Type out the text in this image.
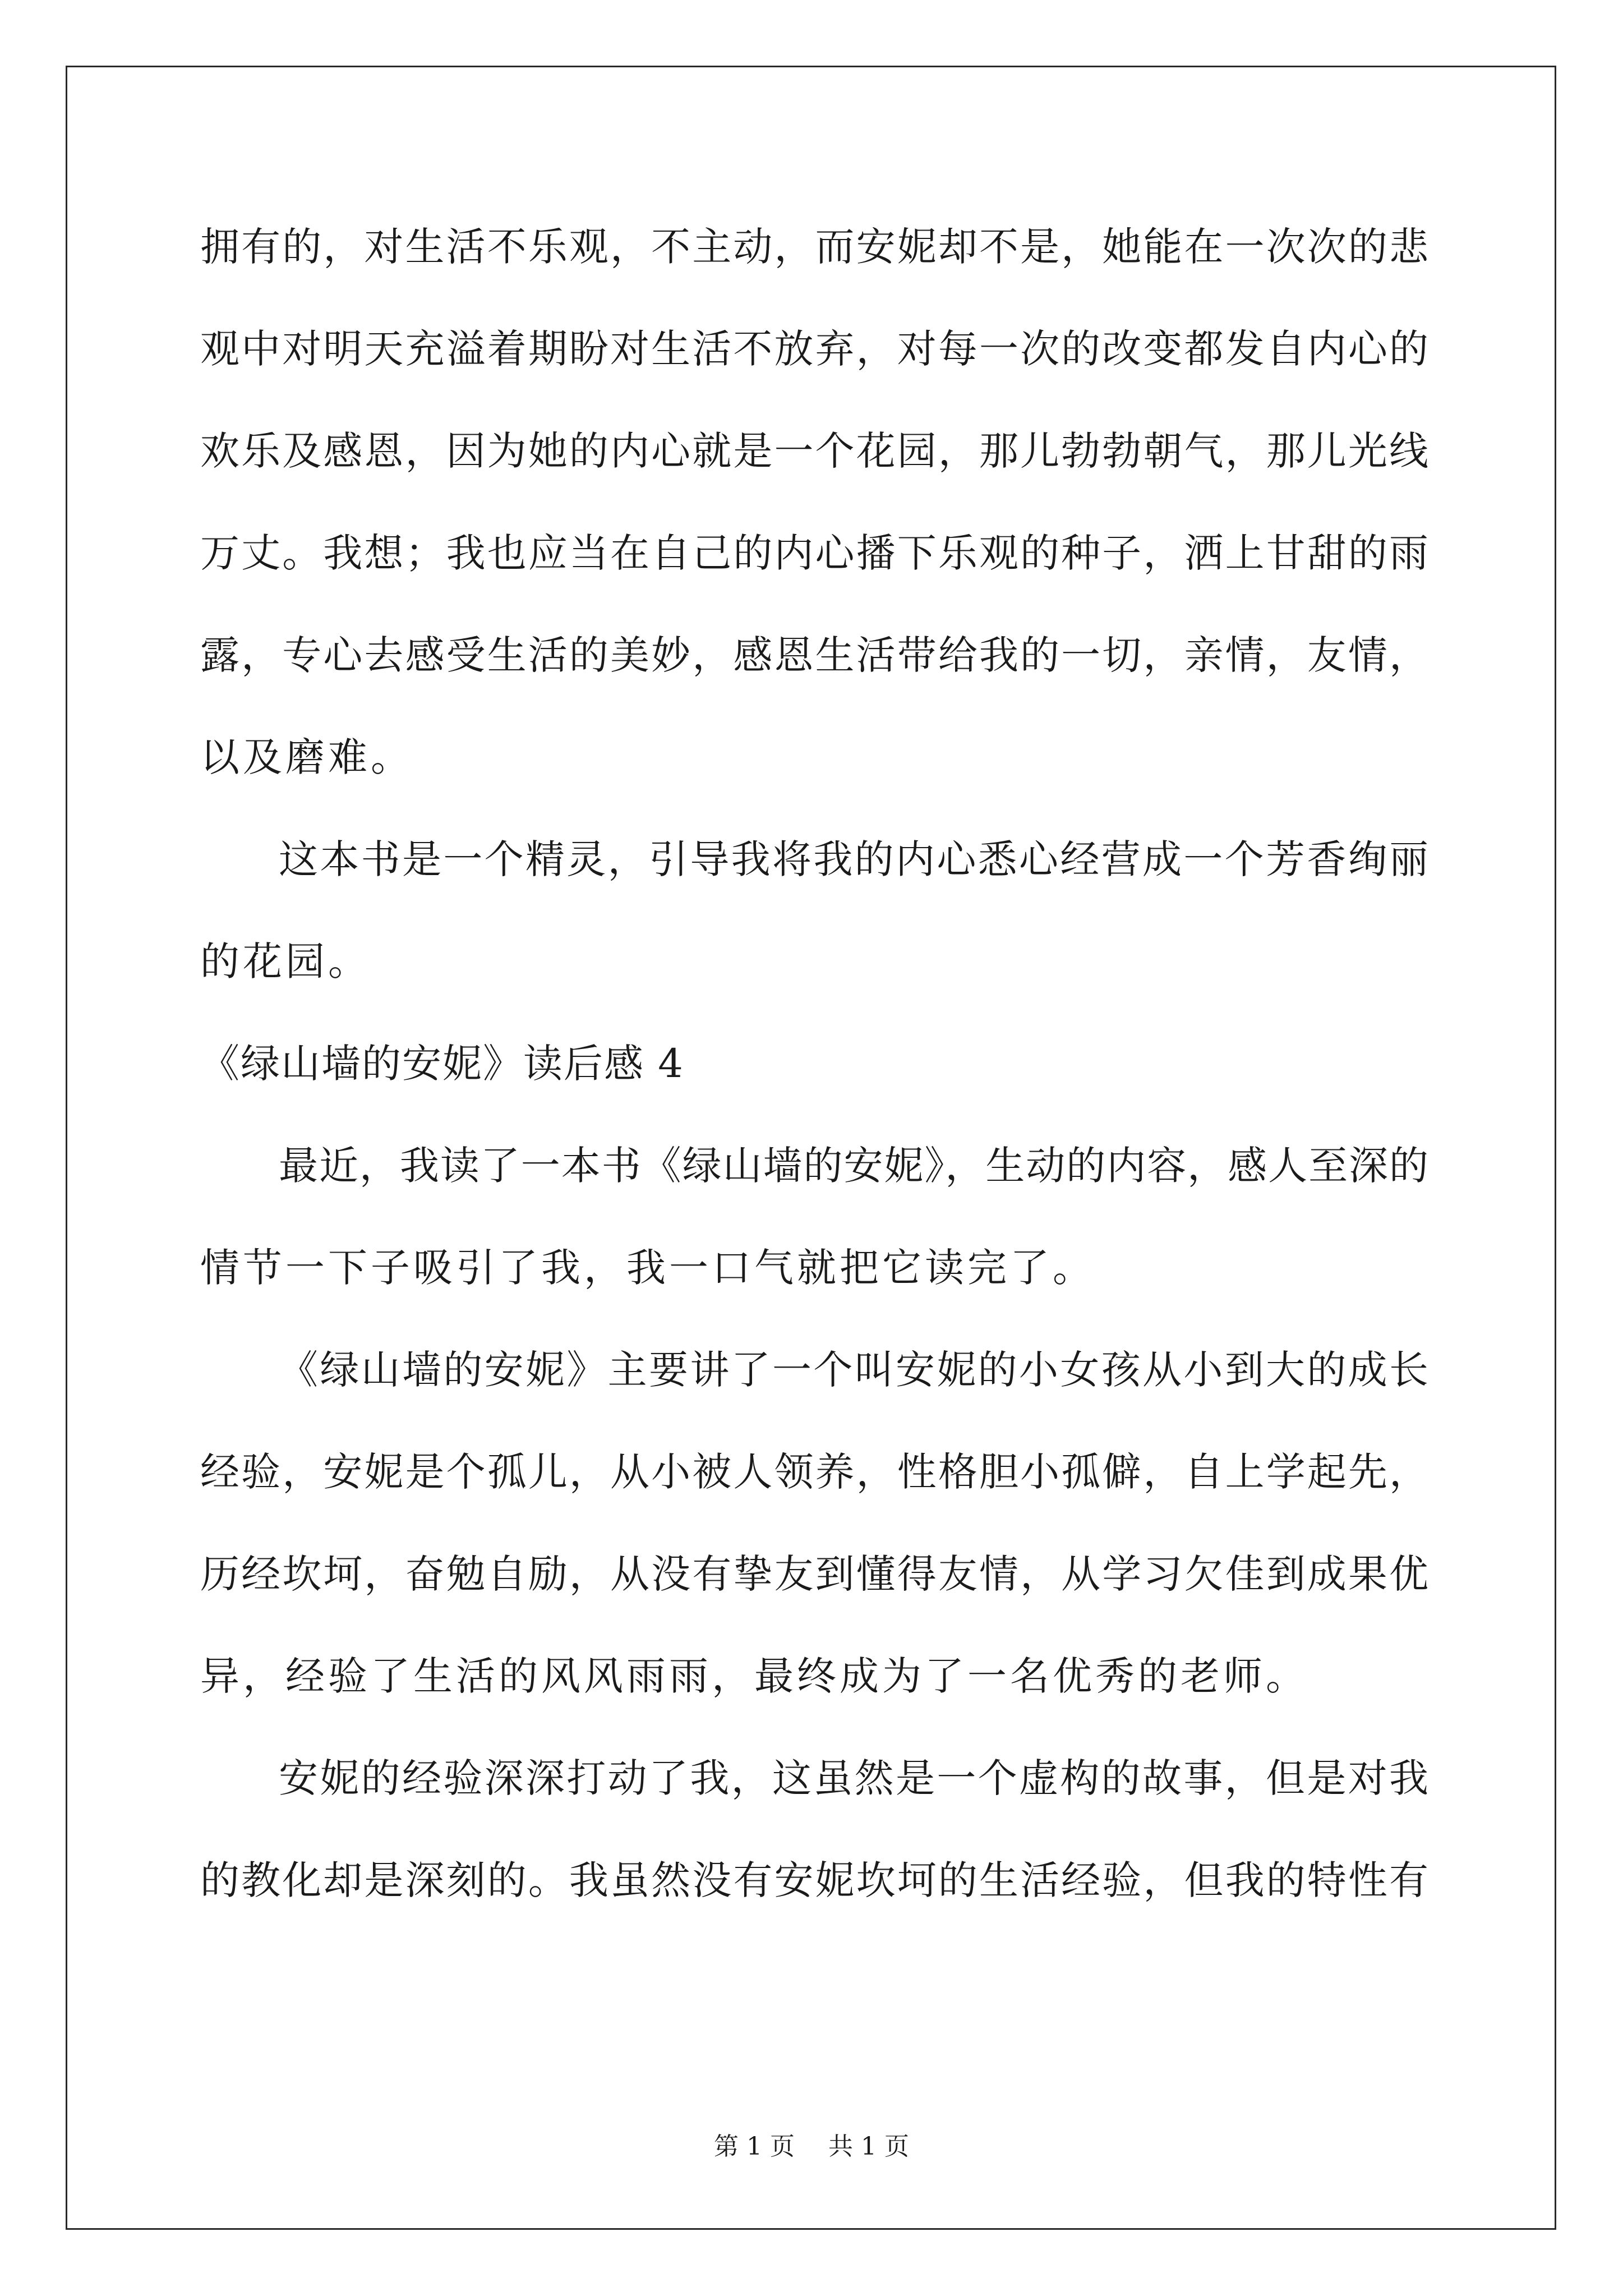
拥有的，对生活不乐观，不主动，而安妮却不是，她能在一次次的悲
观中对明天充溢着期盼对生活不放弃，对每一次的改变都发自内心的
欢乐及感恩，因为她的内心就是一个花园，那儿勃勃朝气，那儿光线
万丈。我想；我也应当在自己的内心播下乐观的种子，洒上甘甜的雨
露，专心去感受生活的美妙，感恩生活带给我的一切，亲情，友情，
以及磨难。
这本书是一个精灵，引导我将我的内心悉心经营成一个芳香绚丽
的花园。
《绿山墙的安妮》读后感 4
最近，我读了一本书《绿山墙的安妮》，生动的内容，感人至深的
情节一下子吸引了我，我一口气就把它读完了。
《绿山墙的安妮》主要讲了一个叫安妮的小女孩从小到大的成长
经验，安妮是个孤儿，从小被人领养，性格胆小孤僻，自上学起先，
历经坎坷，奋勉自励，从没有挚友到懂得友情，从学习欠佳到成果优
异，经验了生活的风风雨雨，最终成为了一名优秀的老师。
安妮的经验深深打动了我，这虽然是一个虚构的故事，但是对我
的教化却是深刻的。我虽然没有安妮坎坷的生活经验，但我的特性有
第 1 页 共 1 页
